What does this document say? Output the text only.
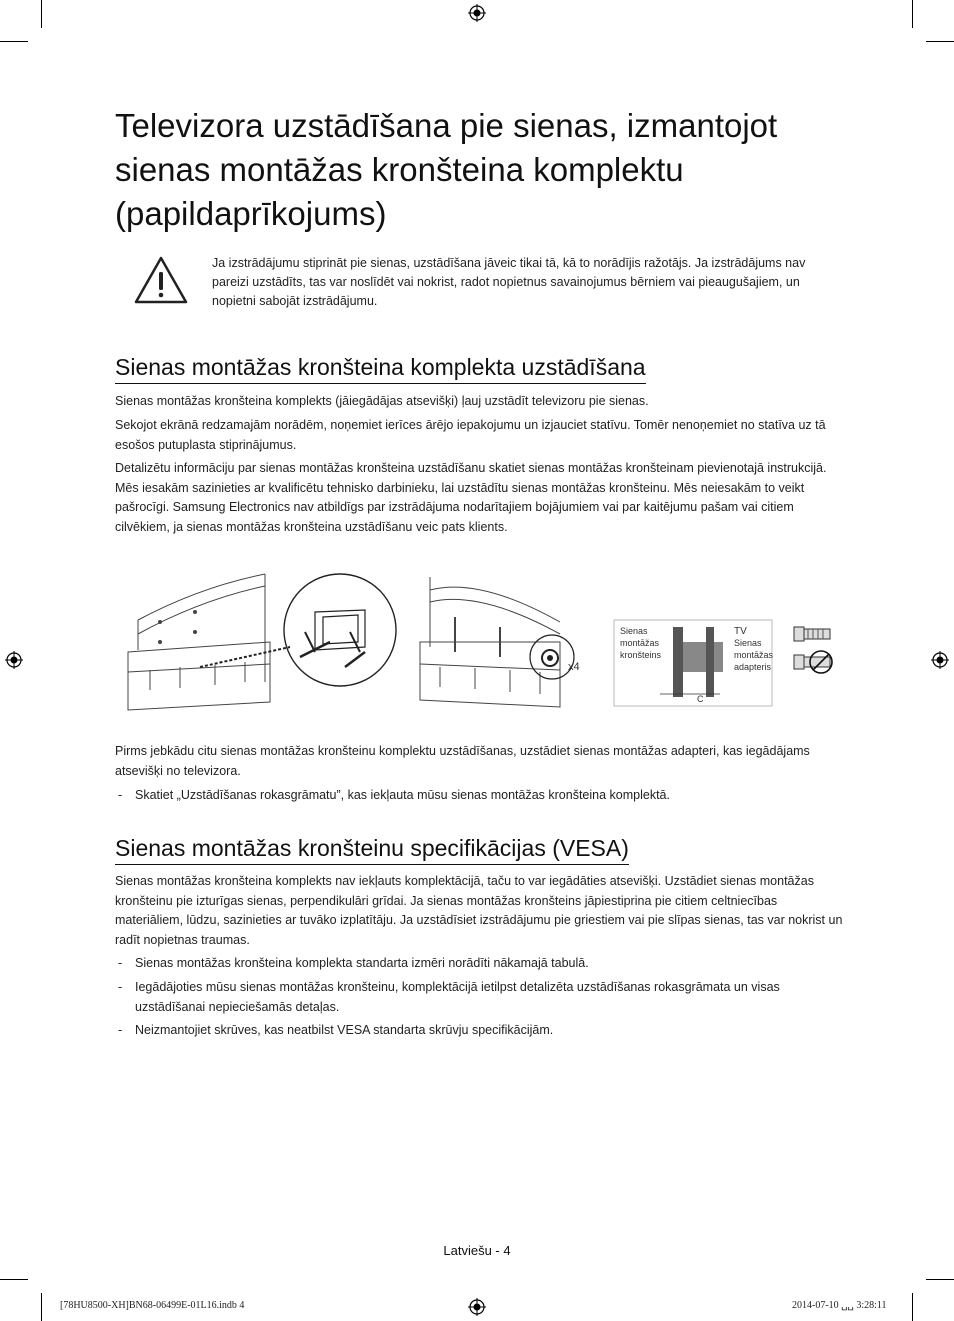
Televizora uzstādīšana pie sienas, izmantojot
sienas montāžas kronšteina komplektu
(papildaprīkojums)
Ja izstrādājumu stiprināt pie sienas, uzstādīšana jāveic tikai tā, kā to norādījis ražotājs. Ja izstrādājums nav pareizi uzstādīts, tas var noslīdēt vai nokrist, radot nopietnus savainojumus bērniem vai pieaugušajiem, un nopietni sabojāt izstrādājumu.
Sienas montāžas kronšteina komplekta uzstādīšana

Sienas montāžas kronšteina komplekts (jāiegādājas atsevišķi) ļauj uzstādīt televizoru pie sienas.

Sekojot ekrānā redzamajām norādēm, noņemiet ierīces ārējo iepakojumu un izjauciet statīvu. Tomēr nenoņemiet no statīva uz tā esošos putuplasta stiprinājumus.

Detalizētu informāciju par sienas montāžas kronšteina uzstādīšanu skatiet sienas montāžas kronšteinam pievienotajā instrukcijā. Mēs iesakām sazinieties ar kvalificētu tehnisko darbinieku, lai uzstādītu sienas montāžas kronšteinu. Mēs neiesakām to veikt pašrocīgi. Samsung Electronics nav atbildīgs par izstrādājuma nodarītajiem bojājumiem vai par kaitējumu pašam vai citiem cilvēkiem, ja sienas montāžas kronšteina uzstādīšanu veic pats klients.

x4
Sienas
montāžas
kronšteins
TV
Sienas
montāžas
adapteris
C

Pirms jebkādu citu sienas montāžas kronšteinu komplektu uzstādīšanas, uzstādiet sienas montāžas adapteri, kas iegādājams atsevišķi no televizora.

- Skatiet „Uzstādīšanas rokasgrāmatu”, kas iekļauta mūsu sienas montāžas kronšteina komplektā.
Sienas montāžas kronšteinu specifikācijas (VESA)

Sienas montāžas kronšteina komplekts nav iekļauts komplektācijā, taču to var iegādāties atsevišķi. Uzstādiet sienas montāžas kronšteinu pie izturīgas sienas, perpendikulāri grīdai. Ja sienas montāžas kronšteins jāpiestiprina pie citiem celtniecības materiāliem, lūdzu, sazinieties ar tuvāko izplatītāju. Ja uzstādīsiet izstrādājumu pie griestiem vai pie slīpas sienas, tas var nokrist un radīt nopietnas traumas.

- Sienas montāžas kronšteina komplekta standarta izmēri norādīti nākamajā tabulā.
- Iegādājoties mūsu sienas montāžas kronšteinu, komplektācijā ietilpst detalizēta uzstādīšanas rokasgrāmata un visas uzstādīšanai nepieciešamās detaļas.
- Neizmantojiet skrūves, kas neatbilst VESA standarta skrūvju specifikācijām.
Latviešu - 4
[78HU8500-XH]BN68-06499E-01L16.indb 4	2014-07-10 ␣␣ 3:28:11
